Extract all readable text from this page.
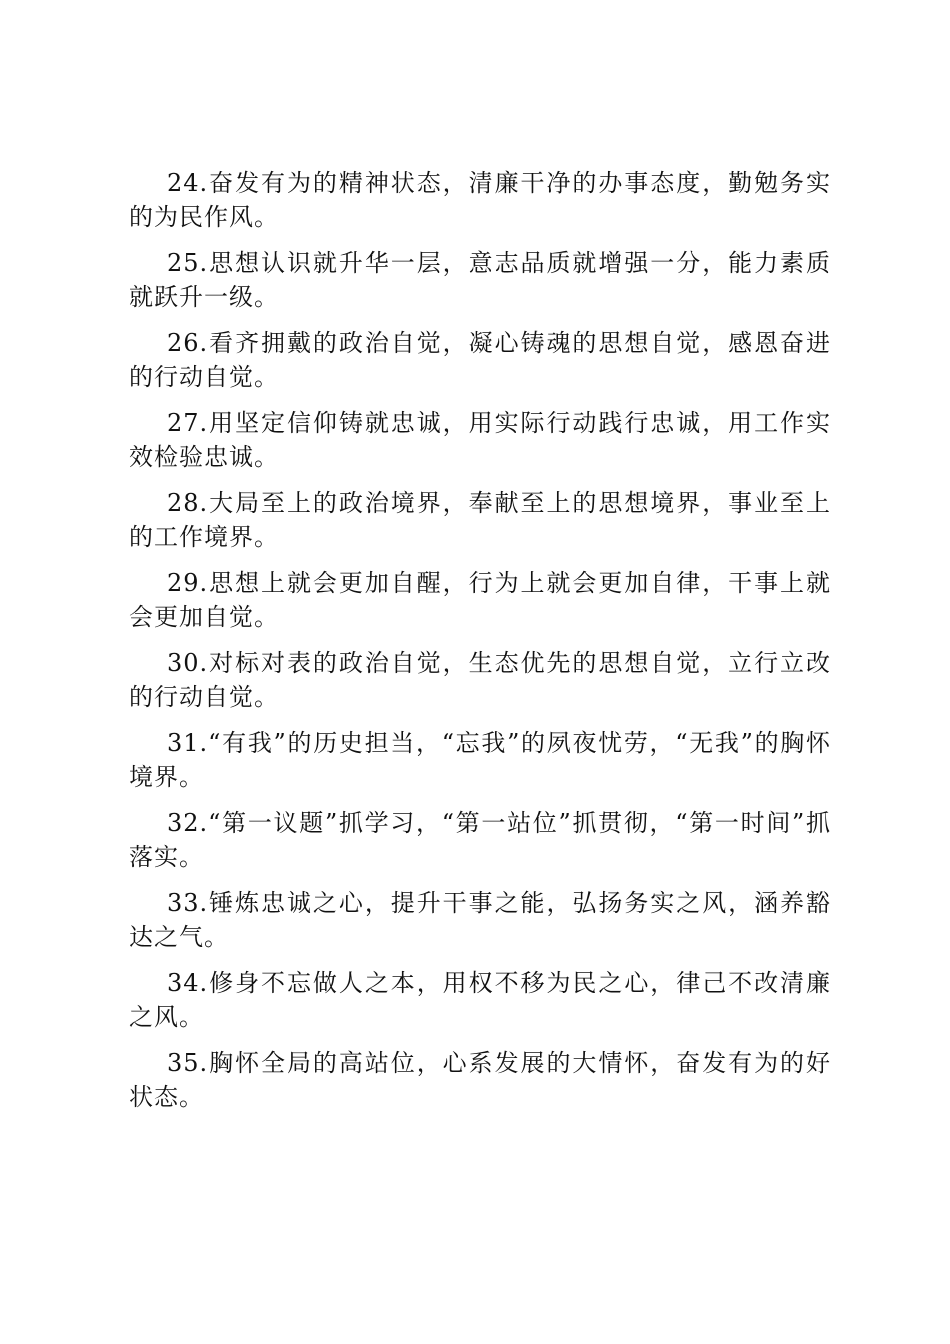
24.奋发有为的精神状态，清廉干净的办事态度，勤勉务实的为民作风。

25.思想认识就升华一层，意志品质就增强一分，能力素质就跃升一级。

26.看齐拥戴的政治自觉，凝心铸魂的思想自觉，感恩奋进的行动自觉。

27.用坚定信仰铸就忠诚，用实际行动践行忠诚，用工作实效检验忠诚。

28.大局至上的政治境界，奉献至上的思想境界，事业至上的工作境界。

29.思想上就会更加自醒，行为上就会更加自律，干事上就会更加自觉。

30.对标对表的政治自觉，生态优先的思想自觉，立行立改的行动自觉。

31.“有我”的历史担当，“忘我”的夙夜忧劳，“无我”的胸怀境界。

32.“第一议题”抓学习，“第一站位”抓贯彻，“第一时间”抓落实。

33.锤炼忠诚之心，提升干事之能，弘扬务实之风，涵养豁达之气。

34.修身不忘做人之本，用权不移为民之心，律己不改清廉之风。

35.胸怀全局的高站位，心系发展的大情怀，奋发有为的好状态。
